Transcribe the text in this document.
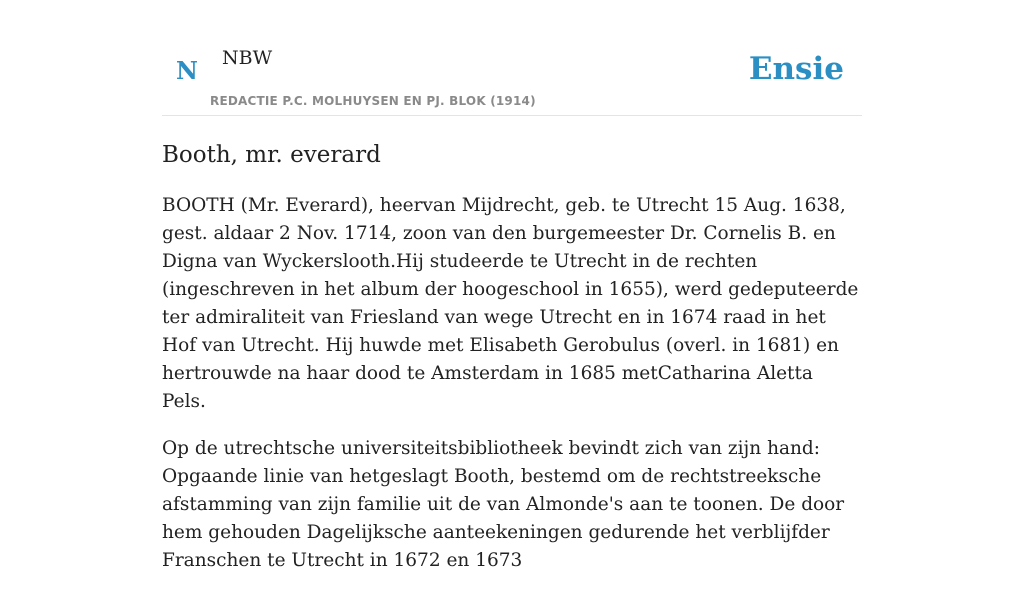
N NBW
REDACTIE P.C. MOLHUYSEN EN PJ. BLOK (1914)
Ensie
Booth, mr. everard

BOOTH (Mr. Everard), heervan Mijdrecht, geb. te Utrecht 15 Aug. 1638, gest. aldaar 2 Nov. 1714, zoon van den burgemeester Dr. Cornelis B. en Digna van Wyckerslooth.Hij studeerde te Utrecht in de rechten (ingeschreven in het album der hoogeschool in 1655), werd gedeputeerde ter admiraliteit van Friesland van wege Utrecht en in 1674 raad in het Hof van Utrecht. Hij huwde met Elisabeth Gerobulus (overl. in 1681) en hertrouwde na haar dood te Amsterdam in 1685 metCatharina Aletta Pels.

Op de utrechtsche universiteitsbibliotheek bevindt zich van zijn hand: Opgaande linie van hetgeslagt Booth, bestemd om de rechtstreeksche afstamming van zijn familie uit de van Almonde's aan te toonen. De door hem gehouden Dagelijksche aanteekeningen gedurende het verblijfder Franschen te Utrecht in 1672 en 1673
